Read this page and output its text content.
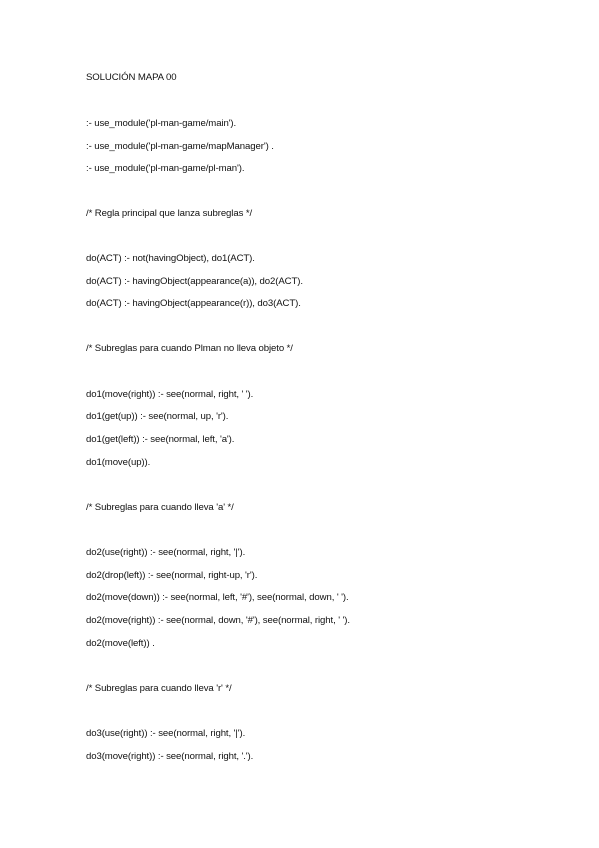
SOLUCIÓN MAPA 00
:- use_module('pl-man-game/main').
:- use_module('pl-man-game/mapManager') .
:- use_module('pl-man-game/pl-man').
/* Regla principal que lanza subreglas */
do(ACT) :- not(havingObject), do1(ACT).
do(ACT) :- havingObject(appearance(a)), do2(ACT).
do(ACT) :- havingObject(appearance(r)), do3(ACT).
/* Subreglas para cuando Plman no lleva objeto */
do1(move(right)) :- see(normal, right, ' ').
do1(get(up)) :- see(normal, up, 'r').
do1(get(left)) :- see(normal, left, 'a').
do1(move(up)).
/* Subreglas para cuando lleva 'a' */
do2(use(right)) :- see(normal, right, '|').
do2(drop(left)) :- see(normal, right-up, 'r').
do2(move(down)) :- see(normal, left, '#'), see(normal, down, ' ').
do2(move(right)) :- see(normal, down, '#'), see(normal, right, ' ').
do2(move(left)) .
/* Subreglas para cuando lleva 'r' */
do3(use(right)) :- see(normal, right, '|').
do3(move(right)) :- see(normal, right, '.').
